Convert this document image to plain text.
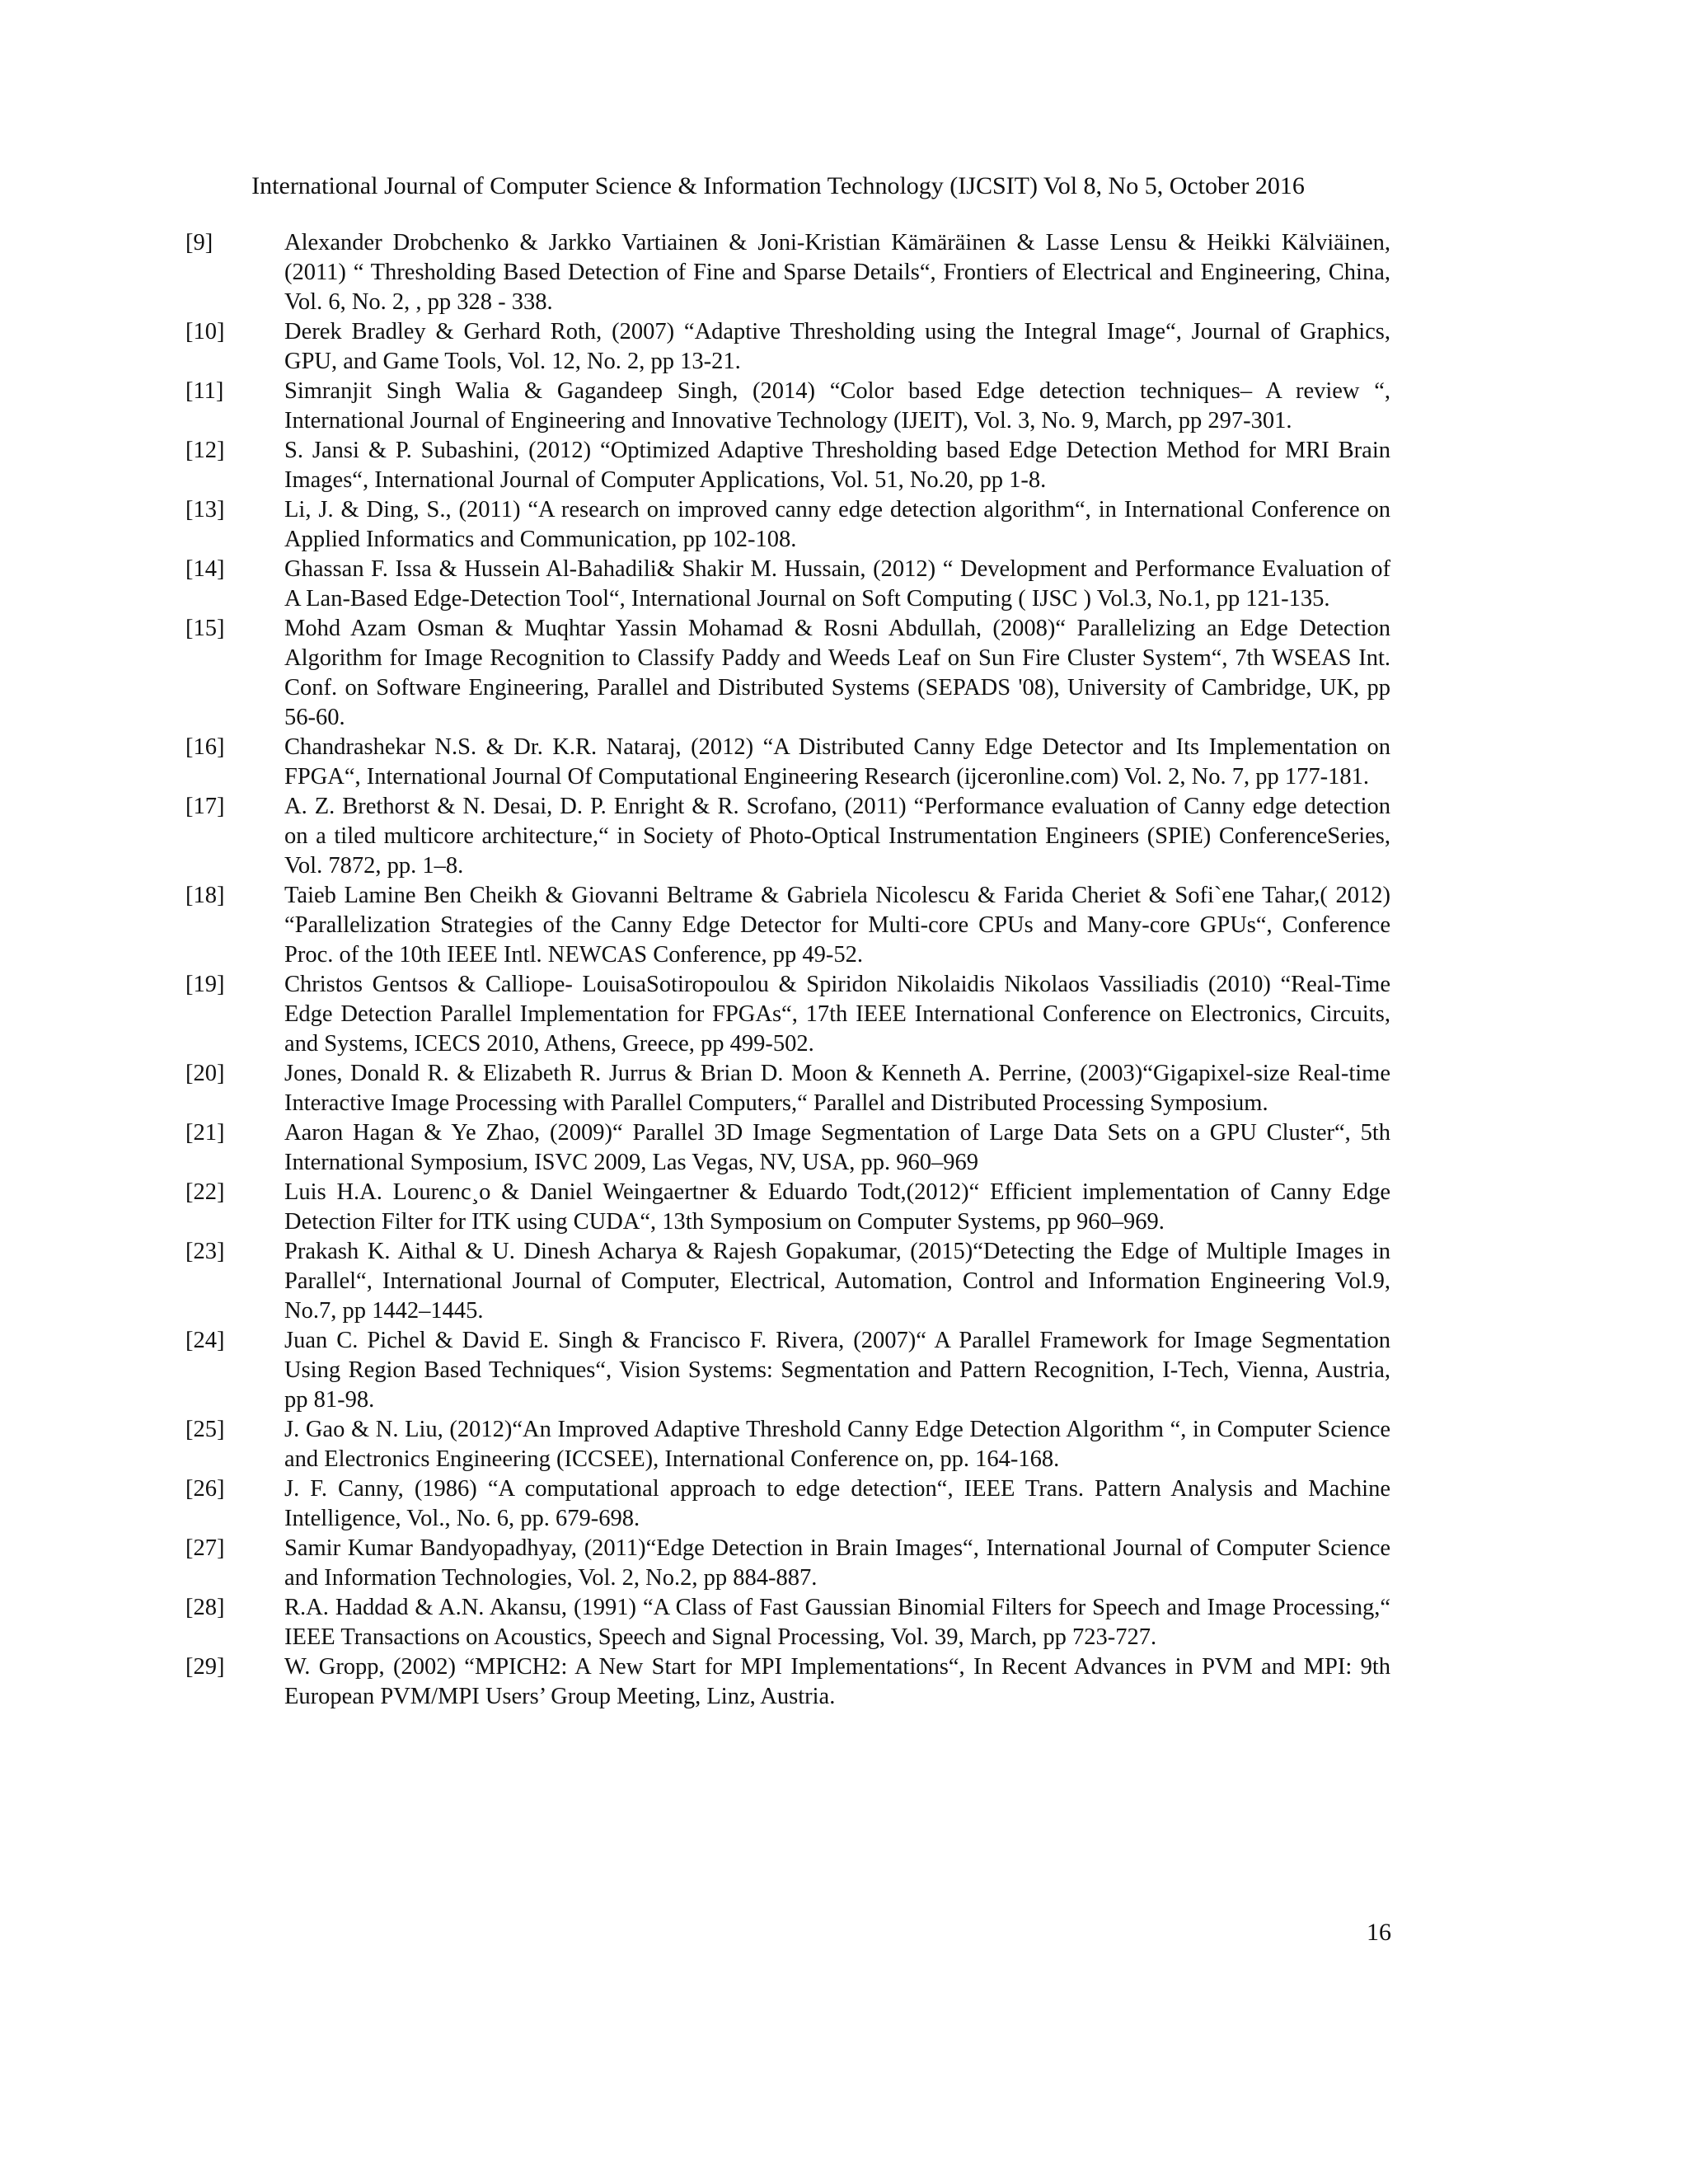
International Journal of Computer Science & Information Technology (IJCSIT) Vol 8, No 5, October 2016
[9]	Alexander Drobchenko & Jarkko Vartiainen & Joni-Kristian Kämäräinen & Lasse Lensu & Heikki Kälviäinen, (2011) “ Thresholding Based Detection of Fine and Sparse Details“, Frontiers of Electrical and Engineering, China, Vol. 6, No. 2, , pp 328 - 338.
[10]	Derek Bradley & Gerhard Roth, (2007) “Adaptive Thresholding using the Integral Image“, Journal of Graphics, GPU, and Game Tools, Vol. 12, No. 2, pp 13-21.
[11]	Simranjit Singh Walia & Gagandeep Singh, (2014) “Color based Edge detection techniques– A review “, International Journal of Engineering and Innovative Technology (IJEIT), Vol. 3, No. 9, March, pp 297-301.
[12]	S. Jansi & P. Subashini, (2012) “Optimized Adaptive Thresholding based Edge Detection Method for MRI Brain Images“, International Journal of Computer Applications, Vol. 51, No.20, pp 1-8.
[13]	Li, J. & Ding, S., (2011) “A research on improved canny edge detection algorithm“, in International Conference on Applied Informatics and Communication, pp 102-108.
[14]	Ghassan F. Issa & Hussein Al-Bahadili& Shakir M. Hussain, (2012) “ Development and Performance Evaluation of A Lan-Based Edge-Detection Tool“, International Journal on Soft Computing ( IJSC ) Vol.3, No.1, pp 121-135.
[15]	Mohd Azam Osman & Muqhtar Yassin Mohamad & Rosni Abdullah, (2008)“ Parallelizing an Edge Detection Algorithm for Image Recognition to Classify Paddy and Weeds Leaf on Sun Fire Cluster System“, 7th WSEAS Int. Conf. on Software Engineering, Parallel and Distributed Systems (SEPADS '08), University of Cambridge, UK, pp 56-60.
[16]	Chandrashekar N.S. & Dr. K.R. Nataraj, (2012) “A Distributed Canny Edge Detector and Its Implementation on FPGA“, International Journal Of Computational Engineering Research (ijceronline.com) Vol. 2, No. 7, pp 177-181.
[17]	A. Z. Brethorst & N. Desai, D. P. Enright & R. Scrofano, (2011) “Performance evaluation of Canny edge detection on a tiled multicore architecture,“ in Society of Photo-Optical Instrumentation Engineers (SPIE) ConferenceSeries, Vol. 7872, pp. 1–8.
[18]	Taieb Lamine Ben Cheikh & Giovanni Beltrame & Gabriela Nicolescu & Farida Cheriet & Sofi`ene Tahar,( 2012) “Parallelization Strategies of the Canny Edge Detector for Multi-core CPUs and Many-core GPUs“, Conference Proc. of the 10th IEEE Intl. NEWCAS Conference, pp 49-52.
[19]	Christos Gentsos & Calliope- LouisaSotiropoulou & Spiridon Nikolaidis Nikolaos Vassiliadis (2010) “Real-Time Edge Detection Parallel Implementation for FPGAs“, 17th IEEE International Conference on Electronics, Circuits, and Systems, ICECS 2010, Athens, Greece, pp 499-502.
[20]	Jones, Donald R. & Elizabeth R. Jurrus & Brian D. Moon & Kenneth A. Perrine, (2003)“Gigapixel-size Real-time Interactive Image Processing with Parallel Computers,“ Parallel and Distributed Processing Symposium.
[21]	Aaron Hagan & Ye Zhao, (2009)“ Parallel 3D Image Segmentation of Large Data Sets on a GPU Cluster“, 5th International Symposium, ISVC 2009, Las Vegas, NV, USA, pp. 960–969
[22]	Luis H.A. Lourenc¸o & Daniel Weingaertner & Eduardo Todt,(2012)“ Efficient implementation of Canny Edge Detection Filter for ITK using CUDA“, 13th Symposium on Computer Systems, pp 960–969.
[23]	Prakash K. Aithal & U. Dinesh Acharya & Rajesh Gopakumar, (2015)“Detecting the Edge of Multiple Images in Parallel“, International Journal of Computer, Electrical, Automation, Control and Information Engineering Vol.9, No.7, pp 1442–1445.
[24]	Juan C. Pichel & David E. Singh & Francisco F. Rivera, (2007)“ A Parallel Framework for Image Segmentation Using Region Based Techniques“, Vision Systems: Segmentation and Pattern Recognition, I-Tech, Vienna, Austria, pp 81-98.
[25]	J. Gao & N. Liu, (2012)“An Improved Adaptive Threshold Canny Edge Detection Algorithm “, in Computer Science and Electronics Engineering (ICCSEE), International Conference on, pp. 164-168.
[26]	J. F. Canny, (1986) “A computational approach to edge detection“, IEEE Trans. Pattern Analysis and Machine Intelligence, Vol., No. 6, pp. 679-698.
[27]	Samir Kumar Bandyopadhyay, (2011)“Edge Detection in Brain Images“, International Journal of Computer Science and Information Technologies, Vol. 2, No.2, pp 884-887.
[28]	R.A. Haddad & A.N. Akansu, (1991) “A Class of Fast Gaussian Binomial Filters for Speech and Image Processing,“ IEEE Transactions on Acoustics, Speech and Signal Processing, Vol. 39, March, pp 723-727.
[29]	W. Gropp, (2002) “MPICH2: A New Start for MPI Implementations“, In Recent Advances in PVM and MPI: 9th European PVM/MPI Users’ Group Meeting, Linz, Austria.
16
